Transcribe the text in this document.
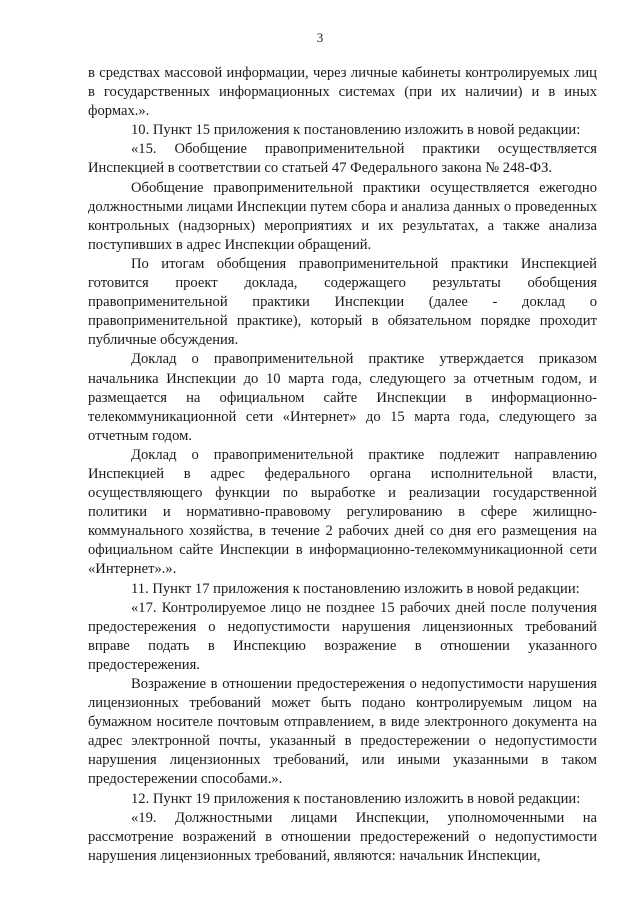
3

в средствах массовой информации, через личные кабинеты контролируемых лиц в государственных информационных системах (при их наличии) и в иных формах.».

10. Пункт 15 приложения к постановлению изложить в новой редакции:

«15. Обобщение правоприменительной практики осуществляется Инспекцией в соответствии со статьей 47 Федерального закона № 248-ФЗ.

Обобщение правоприменительной практики осуществляется ежегодно должностными лицами Инспекции путем сбора и анализа данных о проведенных контрольных (надзорных) мероприятиях и их результатах, а также анализа поступивших в адрес Инспекции обращений.

По итогам обобщения правоприменительной практики Инспекцией готовится проект доклада, содержащего результаты обобщения правоприменительной практики Инспекции (далее - доклад о правоприменительной практике), который в обязательном порядке проходит публичные обсуждения.

Доклад о правоприменительной практике утверждается приказом начальника Инспекции до 10 марта года, следующего за отчетным годом, и размещается на официальном сайте Инспекции в информационно-телекоммуникационной сети «Интернет» до 15 марта года, следующего за отчетным годом.

Доклад о правоприменительной практике подлежит направлению Инспекцией в адрес федерального органа исполнительной власти, осуществляющего функции по выработке и реализации государственной политики и нормативно-правовому регулированию в сфере жилищно-коммунального хозяйства, в течение 2 рабочих дней со дня его размещения на официальном сайте Инспекции в информационно-телекоммуникационной сети «Интернет».».

11. Пункт 17 приложения к постановлению изложить в новой редакции:

«17. Контролируемое лицо не позднее 15 рабочих дней после получения предостережения о недопустимости нарушения лицензионных требований вправе подать в Инспекцию возражение в отношении указанного предостережения.

Возражение в отношении предостережения о недопустимости нарушения лицензионных требований может быть подано контролируемым лицом на бумажном носителе почтовым отправлением, в виде электронного документа на адрес электронной почты, указанный в предостережении о недопустимости нарушения лицензионных требований, или иными указанными в таком предостережении способами.».

12. Пункт 19 приложения к постановлению изложить в новой редакции:

«19. Должностными лицами Инспекции, уполномоченными на рассмотрение возражений в отношении предостережений о недопустимости нарушения лицензионных требований, являются: начальник Инспекции,
